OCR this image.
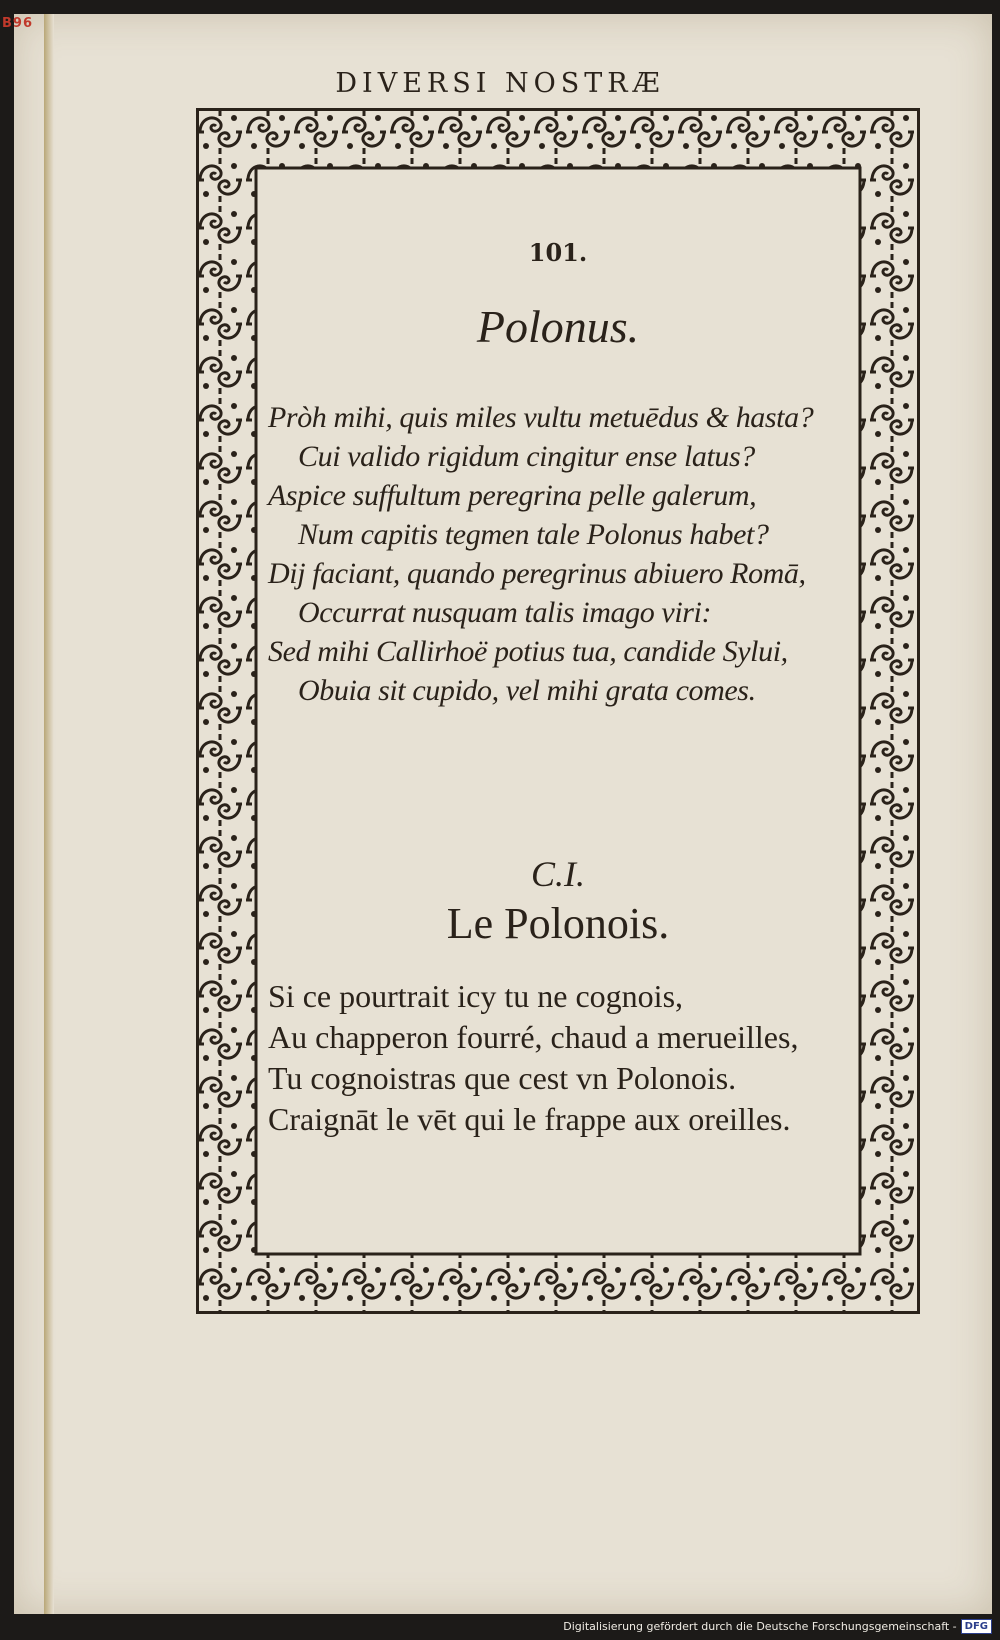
B96
DIVERSI NOSTRÆ
101.
Polonus.
Pròh mihi, quis miles vultu metuēdus & hasta?
Cui valido rigidum cingitur ense latus?
Aspice suffultum peregrina pelle galerum,
Num capitis tegmen tale Polonus habet?
Dij faciant, quando peregrinus abiuero Romā,
Occurrat nusquam talis imago viri:
Sed mihi Callirhoë potius tua, candide Sylui,
Obuia sit cupido, vel mihi grata comes.
C.I.
Le Polonois.
Si ce pourtrait icy tu ne cognois,
Au chapperon fourré, chaud a merueilles,
Tu cognoistras que cest vn Polonois.
Craignāt le vēt qui le frappe aux oreilles.
Digitalisierung gefördert durch die Deutsche Forschungsgemeinschaft - DFG
